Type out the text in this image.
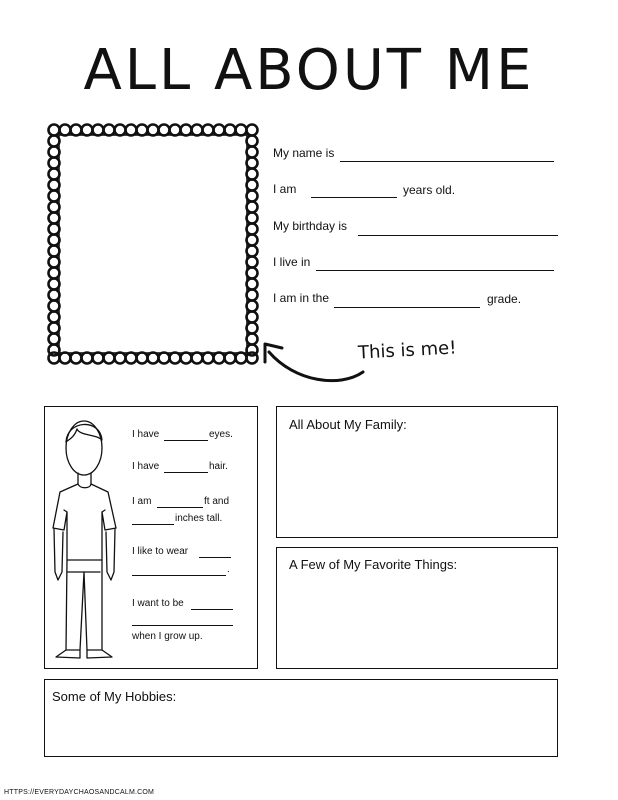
ALL ABOUT ME
This is me!
My name is
I am	years old.
My birthday is
I live in
I am in the	grade.
I have	eyes.
I have	hair.
I am	ft and
inches tall.
I like to wear
.
I want to be
when I grow up.
All About My Family:
A Few of My Favorite Things:
Some of My Hobbies:
HTTPS://EVERYDAYCHAOSANDCALM.COM
